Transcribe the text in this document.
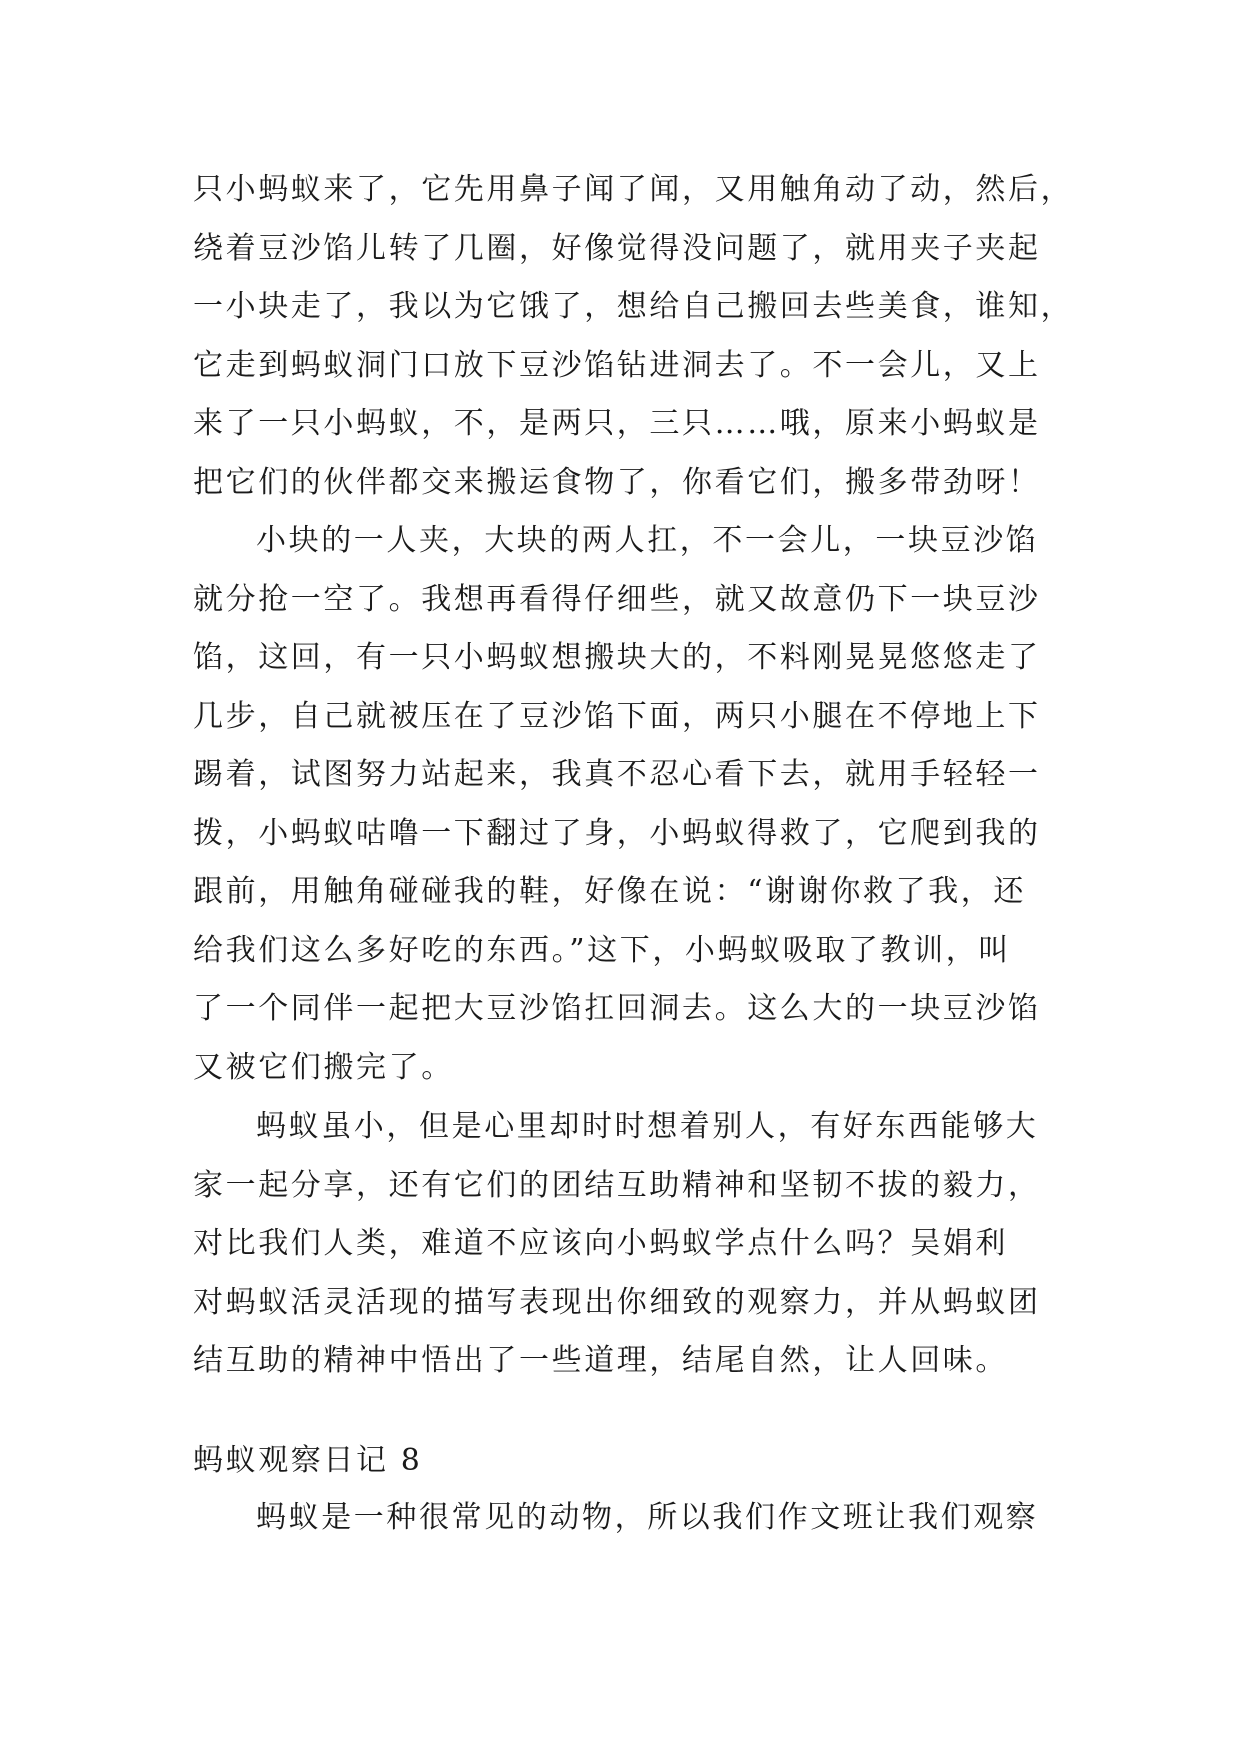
只小蚂蚁来了，它先用鼻子闻了闻，又用触角动了动，然后，
绕着豆沙馅儿转了几圈，好像觉得没问题了，就用夹子夹起
一小块走了，我以为它饿了，想给自己搬回去些美食，谁知，
它走到蚂蚁洞门口放下豆沙馅钻进洞去了。不一会儿，又上
来了一只小蚂蚁，不，是两只，三只……哦，原来小蚂蚁是
把它们的伙伴都交来搬运食物了，你看它们，搬多带劲呀！
小块的一人夹，大块的两人扛，不一会儿，一块豆沙馅
就分抢一空了。我想再看得仔细些，就又故意仍下一块豆沙
馅，这回，有一只小蚂蚁想搬块大的，不料刚晃晃悠悠走了
几步，自己就被压在了豆沙馅下面，两只小腿在不停地上下
踢着，试图努力站起来，我真不忍心看下去，就用手轻轻一
拨，小蚂蚁咕噜一下翻过了身，小蚂蚁得救了，它爬到我的
跟前，用触角碰碰我的鞋，好像在说：“谢谢你救了我，还
给我们这么多好吃的东西。”这下，小蚂蚁吸取了教训，叫
了一个同伴一起把大豆沙馅扛回洞去。这么大的一块豆沙馅
又被它们搬完了。
蚂蚁虽小，但是心里却时时想着别人，有好东西能够大
家一起分享，还有它们的团结互助精神和坚韧不拔的毅力，
对比我们人类，难道不应该向小蚂蚁学点什么吗？吴娟利
对蚂蚁活灵活现的描写表现出你细致的观察力，并从蚂蚁团
结互助的精神中悟出了一些道理，结尾自然，让人回味。
蚂蚁观察日记 8
蚂蚁是一种很常见的动物，所以我们作文班让我们观察
